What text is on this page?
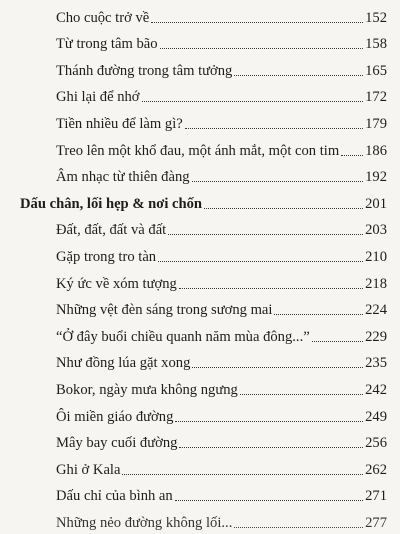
Cho cuộc trở về	152
Từ trong tâm bão	158
Thánh đường trong tâm tưởng	165
Ghi lại để nhớ	172
Tiền nhiều để làm gì?	179
Treo lên một khổ đau, một ánh mắt, một con tim 186
Âm nhạc từ thiên đàng	192
Dấu chân, lối hẹp & nơi chốn	201
Đất, đất, đất và đất	203
Gặp trong tro tàn	210
Ký ức về xóm tượng	218
Những vệt đèn sáng trong sương mai	224
“Ở đây buổi chiều quanh năm mùa đông...”	229
Như đồng lúa gặt xong	235
Bokor, ngày mưa không ngưng	242
Ôi miền giáo đường	249
Mây bay cuối đường	256
Ghi ở Kala	262
Dấu chỉ của bình an	271
Những nẻo đường không lối...	277
